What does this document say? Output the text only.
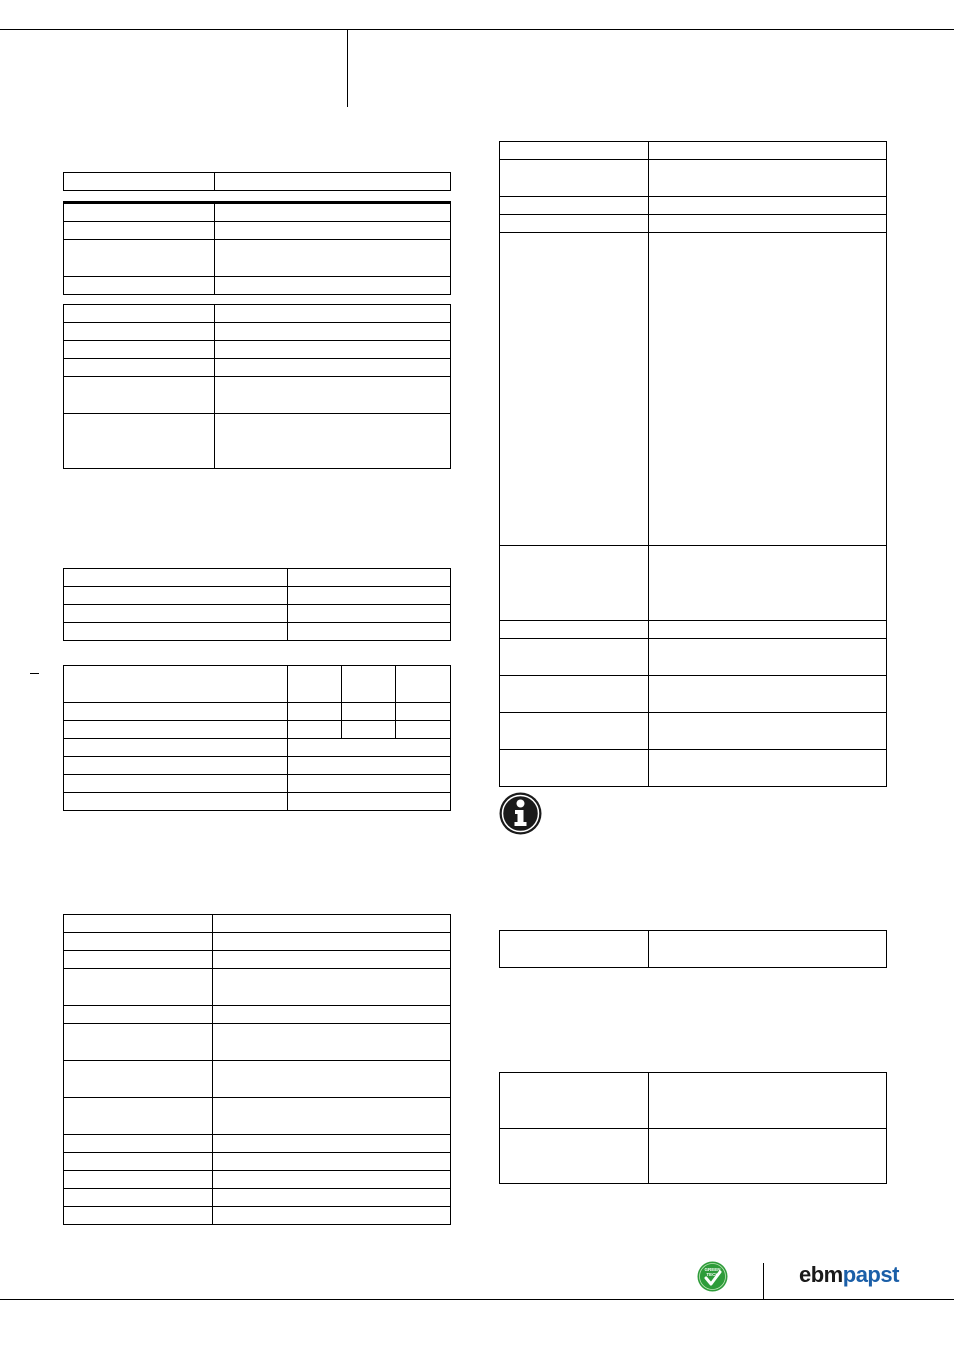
GREEN
TECH	ebmpapst
